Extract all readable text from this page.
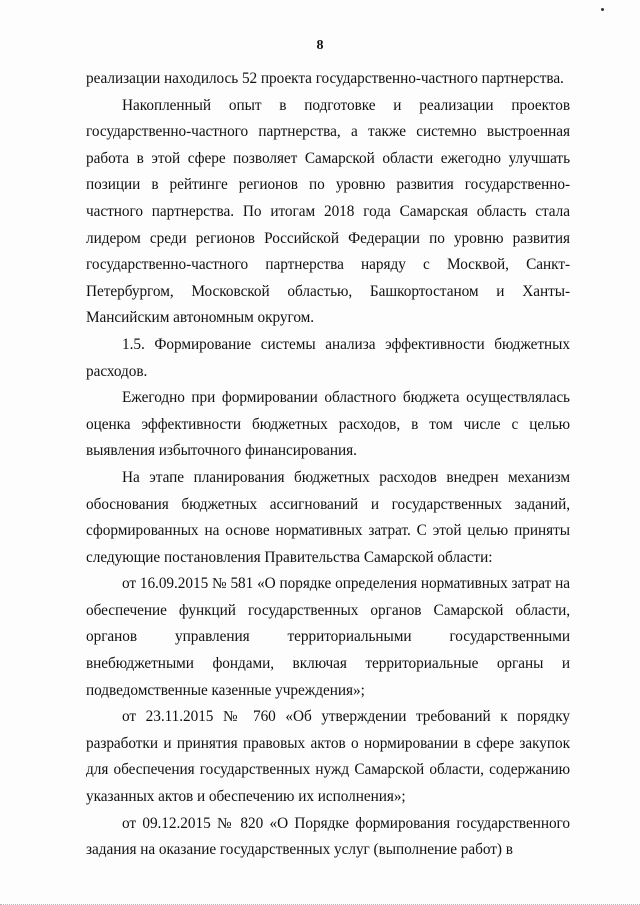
8

реализации находилось 52 проекта государственно-частного партнерства.

Накопленный опыт в подготовке и реализации проектов государственно-частного партнерства, а также системно выстроенная работа в этой сфере позволяет Самарской области ежегодно улучшать позиции в рейтинге регионов по уровню развития государственно-частного партнерства. По итогам 2018 года Самарская область стала лидером среди регионов Российской Федерации по уровню развития государственно-частного партнерства наряду с Москвой, Санкт-Петербургом, Московской областью, Башкортостаном и Ханты-Мансийским автономным округом.

1.5. Формирование системы анализа эффективности бюджетных расходов.

Ежегодно при формировании областного бюджета осуществлялась оценка эффективности бюджетных расходов, в том числе с целью выявления избыточного финансирования.

На этапе планирования бюджетных расходов внедрен механизм обоснования бюджетных ассигнований и государственных заданий, сформированных на основе нормативных затрат. С этой целью приняты следующие постановления Правительства Самарской области:

от 16.09.2015 № 581 «О порядке определения нормативных затрат на обеспечение функций государственных органов Самарской области, органов управления территориальными государственными внебюджетными фондами, включая территориальные органы и подведомственные казенные учреждения»;

от 23.11.2015 № 760 «Об утверждении требований к порядку разработки и принятия правовых актов о нормировании в сфере закупок для обеспечения государственных нужд Самарской области, содержанию указанных актов и обеспечению их исполнения»;

от 09.12.2015 № 820 «О Порядке формирования государственного задания на оказание государственных услуг (выполнение работ) в
